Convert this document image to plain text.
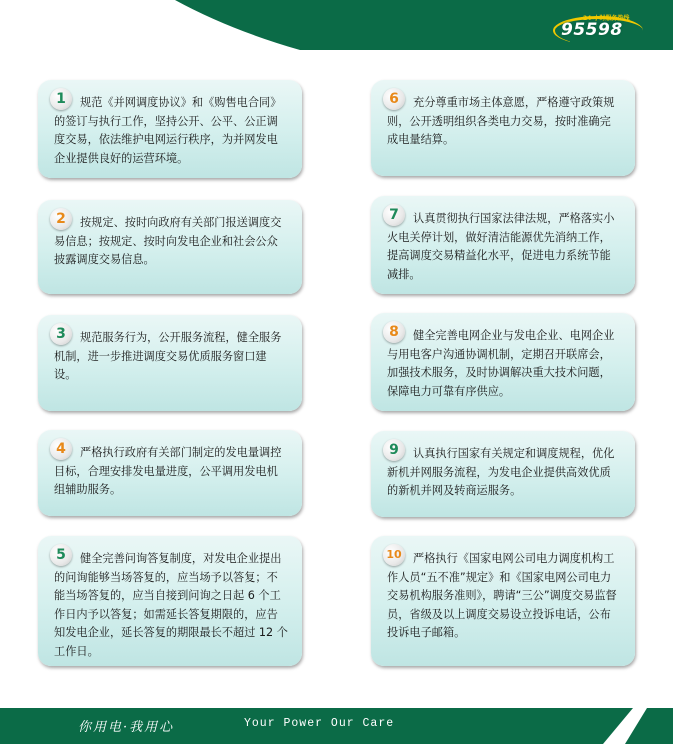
24 小时服务热线
95598
1	规范《并网调度协议》和《购售电合同》的签订与执行工作，坚持公开、公平、公正调度交易，依法维护电网运行秩序，为并网发电企业提供良好的运营环境。
2	按规定、按时向政府有关部门报送调度交易信息；按规定、按时向发电企业和社会公众披露调度交易信息。
3	规范服务行为，公开服务流程，健全服务机制，进一步推进调度交易优质服务窗口建设。
4	严格执行政府有关部门制定的发电量调控目标，合理安排发电量进度，公平调用发电机组辅助服务。
5	健全完善问询答复制度，对发电企业提出的问询能够当场答复的，应当场予以答复；不能当场答复的，应当自接到问询之日起 6 个工作日内予以答复；如需延长答复期限的，应告知发电企业，延长答复的期限最长不超过 12 个工作日。
6	充分尊重市场主体意愿，严格遵守政策规则，公开透明组织各类电力交易，按时准确完成电量结算。
7	认真贯彻执行国家法律法规，严格落实小火电关停计划，做好清洁能源优先消纳工作，提高调度交易精益化水平，促进电力系统节能减排。
8	健全完善电网企业与发电企业、电网企业与用电客户沟通协调机制，定期召开联席会，加强技术服务，及时协调解决重大技术问题，保障电力可靠有序供应。
9	认真执行国家有关规定和调度规程，优化新机并网服务流程，为发电企业提供高效优质的新机并网及转商运服务。
10 严格执行《国家电网公司电力调度机构工作人员“五不准”规定》和《国家电网公司电力交易机构服务准则》，聘请“三公”调度交易监督员，省级及以上调度交易设立投诉电话，公布投诉电子邮箱。
你用电·我用心	Your Power Our Care
